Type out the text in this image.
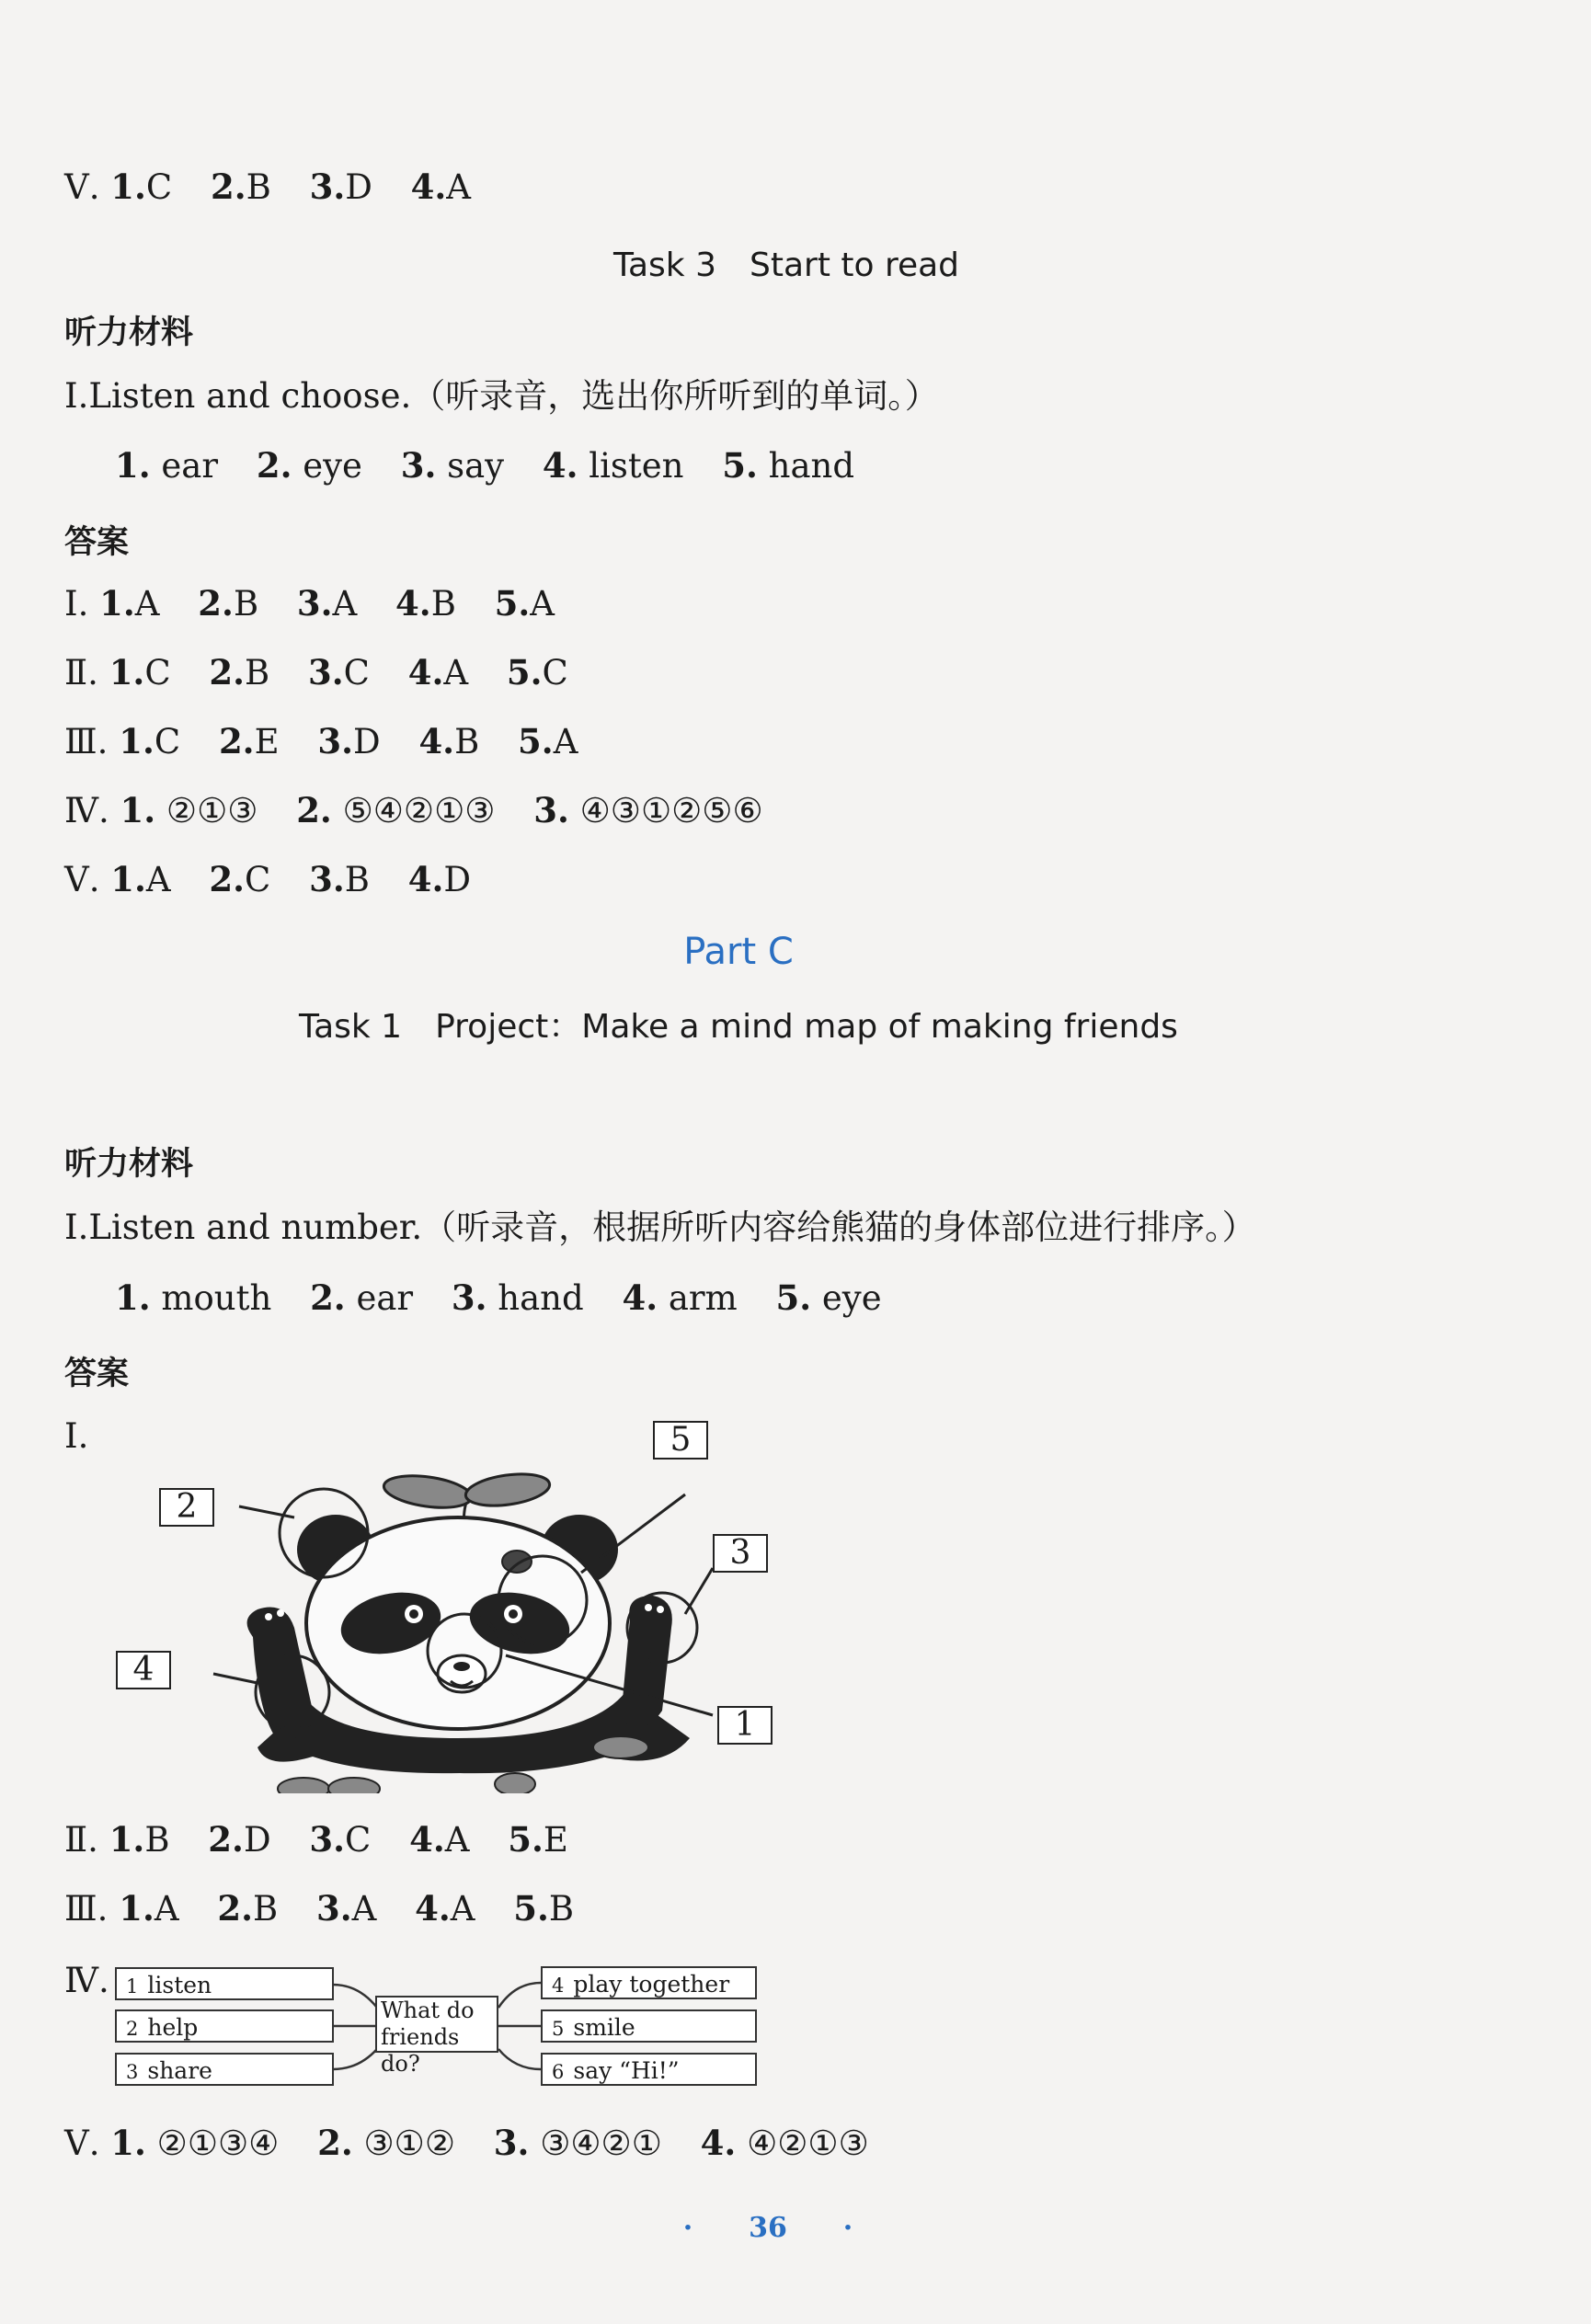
Ⅴ. 1.C 2.B 3.D 4.A
Task 3　Start to read
听力材料
Ⅰ.Listen and choose.（听录音，选出你所听到的单词。）
1. ear 2. eye 3. say 4. listen 5. hand
答案
Ⅰ. 1.A 2.B 3.A 4.B 5.A
Ⅱ. 1.C 2.B 3.C 4.A 5.C
Ⅲ. 1.C 2.E 3.D 4.B 5.A
Ⅳ. 1. ②①③ 2. ⑤④②①③ 3. ④③①②⑤⑥
Ⅴ. 1.A 2.C 3.B 4.D
Part C
Task 1　Project：Make a mind map of making friends
听力材料
Ⅰ.Listen and number.（听录音，根据所听内容给熊猫的身体部位进行排序。）
1. mouth 2. ear 3. hand 4. arm 5. eye
答案
Ⅰ.
2
5
3
4
1
Ⅱ. 1.B 2.D 3.C 4.A 5.E
Ⅲ. 1.A 2.B 3.A 4.A 5.B
Ⅳ. 1 listen
2 help
3 share
What do
friends do?
4 play together
5 smile
6 say “Hi!”
Ⅴ. 1. ②①③④ 2. ③①② 3. ③④②① 4. ④②①③
· 36 ·
